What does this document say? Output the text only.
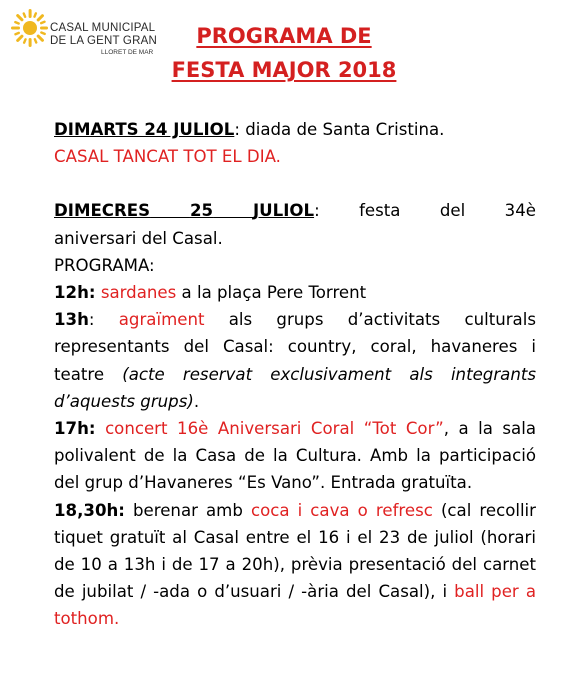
CASAL MUNICIPAL
DE LA GENT GRAN
LLORET DE MAR
PROGRAMA DE
FESTA MAJOR 2018

DIMARTS 24 JULIOL: diada de Santa Cristina.

CASAL TANCAT TOT EL DIA.

DIMECRES 25 JULIOL: festa del 34è

aniversari del Casal.

PROGRAMA:

12h: sardanes a la plaça Pere Torrent

13h: agraïment als grups d’activitats culturals representants del Casal: country, coral, havaneres i teatre (acte reservat exclusivament als integrants d’aquests grups).

17h: concert 16è Aniversari Coral “Tot Cor”, a la sala polivalent de la Casa de la Cultura. Amb la participació del grup d’Havaneres “Es Vano”. Entrada gratuïta.

18,30h: berenar amb coca i cava o refresc (cal recollir tiquet gratuït al Casal entre el 16 i el 23 de juliol (horari de 10 a 13h i de 17 a 20h), prèvia presentació del carnet de jubilat / -ada o d’usuari / -ària del Casal), i ball per a tothom.
